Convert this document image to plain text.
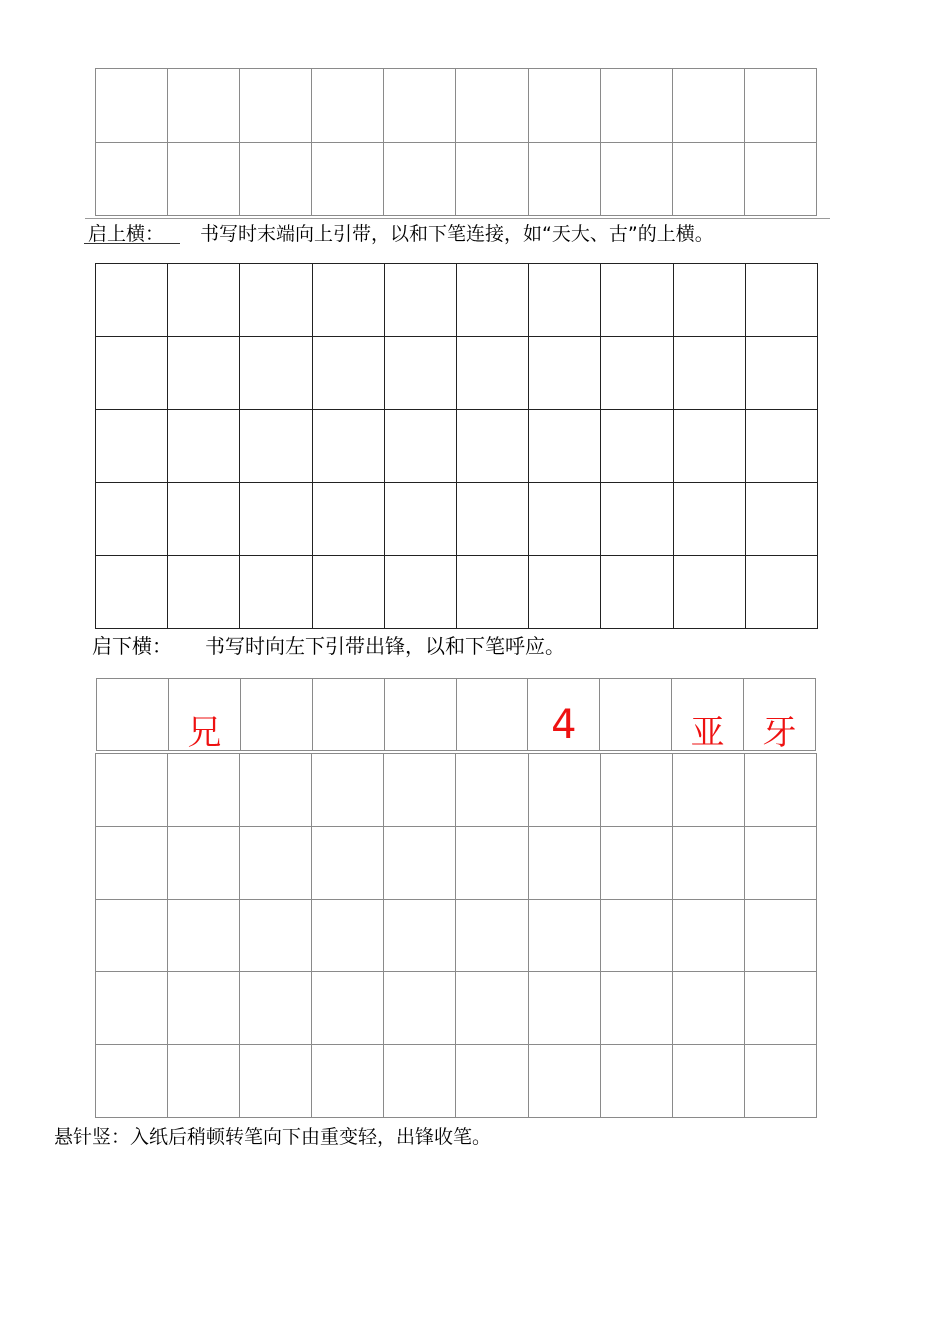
启上横： 书写时末端向上引带，以和下笔连接，如“天大、古”的上横。
启下横： 书写时向左下引带出锋，以和下笔呼应。
兄	4	亚	牙
悬针竖：入纸后稍顿转笔向下由重变轻，出锋收笔。
